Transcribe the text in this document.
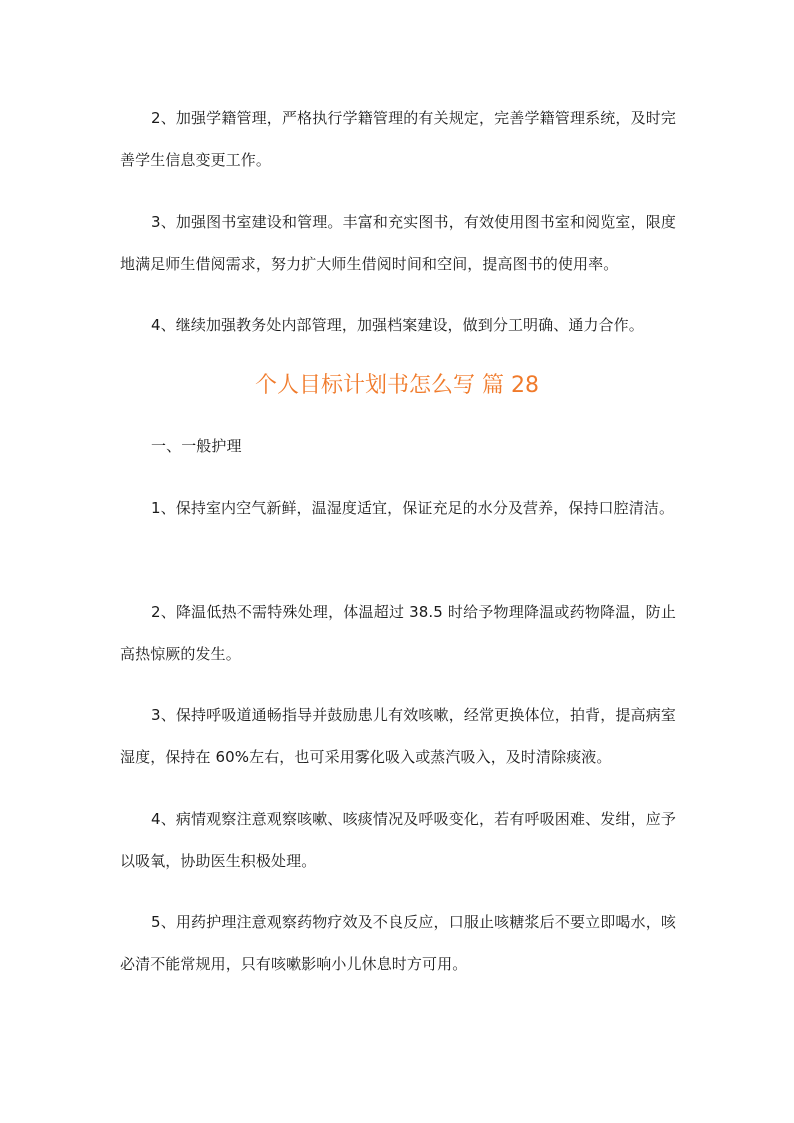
2、加强学籍管理，严格执行学籍管理的有关规定，完善学籍管理系统，及时完善学生信息变更工作。

3、加强图书室建设和管理。丰富和充实图书，有效使用图书室和阅览室，限度地满足师生借阅需求，努力扩大师生借阅时间和空间，提高图书的使用率。

4、继续加强教务处内部管理，加强档案建设，做到分工明确、通力合作。

个人目标计划书怎么写 篇 28

一、一般护理

1、保持室内空气新鲜，温湿度适宜，保证充足的水分及营养，保持口腔清洁。

2、降温低热不需特殊处理，体温超过 38.5 时给予物理降温或药物降温，防止高热惊厥的发生。

3、保持呼吸道通畅指导并鼓励患儿有效咳嗽，经常更换体位，拍背，提高病室湿度，保持在 60%左右，也可采用雾化吸入或蒸汽吸入，及时清除痰液。

4、病情观察注意观察咳嗽、咳痰情况及呼吸变化，若有呼吸困难、发绀，应予以吸氧，协助医生积极处理。

5、用药护理注意观察药物疗效及不良反应，口服止咳糖浆后不要立即喝水，咳必清不能常规用，只有咳嗽影响小儿休息时方可用。
